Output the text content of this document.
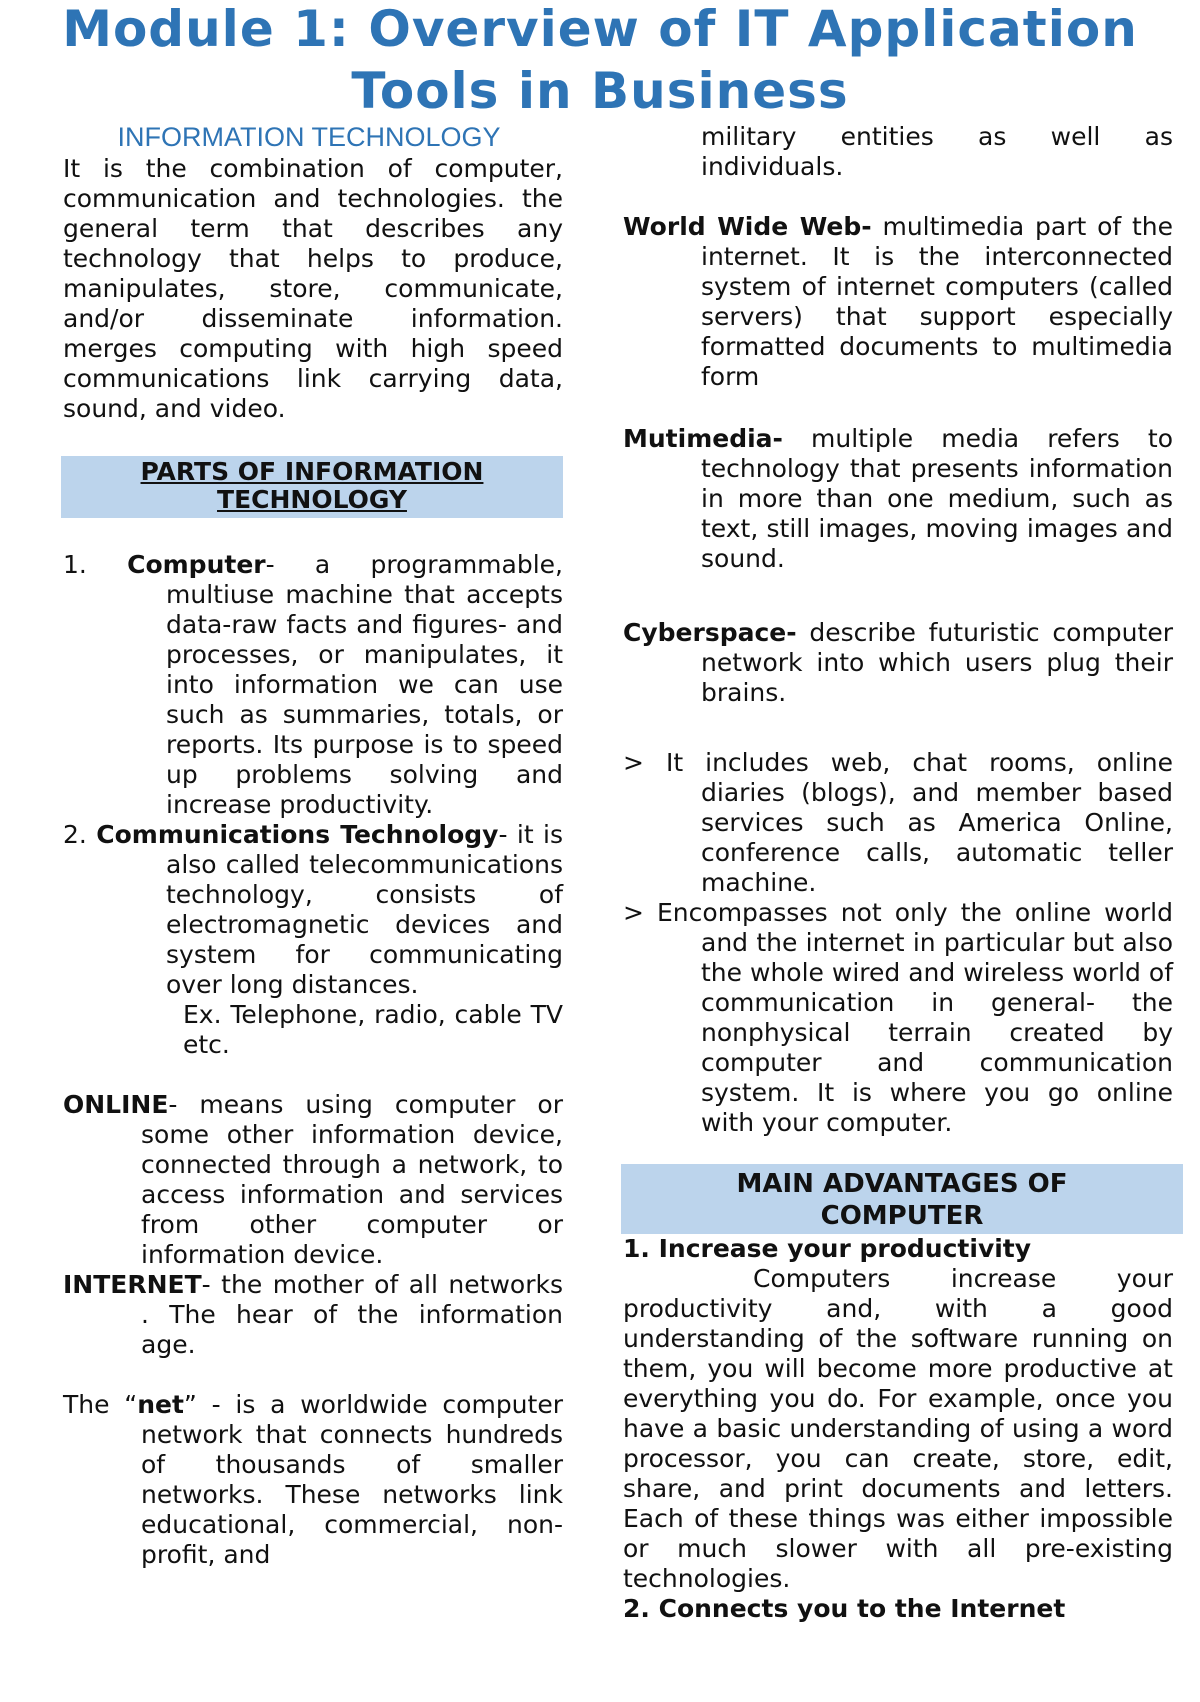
Module 1: Overview of IT Application
Tools in Business

INFORMATION TECHNOLOGY

It is the combination of computer, communication and technologies. the general term that describes any technology that helps to produce, manipulates, store, communicate, and/or disseminate information. merges computing with high speed communications link carrying data, sound, and video.

PARTS OF INFORMATION
TECHNOLOGY

1. Computer- a programmable, multiuse machine that accepts data-raw facts and figures- and processes, or manipulates, it into information we can use such as summaries, totals, or reports. Its purpose is to speed up problems solving and increase productivity.

2. Communications Technology- it is also called telecommunications technology, consists of electromagnetic devices and system for communicating over long distances.

Ex. Telephone, radio, cable TV etc.

ONLINE- means using computer or some other information device, connected through a network, to access information and services from other computer or information device.

INTERNET- the mother of all networks . The hear of the information age.

The “net” - is a worldwide computer network that connects hundreds of thousands of smaller networks. These networks link educational, commercial, non-profit, and

military entities as well as individuals.

World Wide Web- multimedia part of the internet. It is the interconnected system of internet computers (called servers) that support especially formatted documents to multimedia form

Mutimedia- multiple media refers to technology that presents information in more than one medium, such as text, still images, moving images and sound.

Cyberspace- describe futuristic computer network into which users plug their brains.

> It includes web, chat rooms, online diaries (blogs), and member based services such as America Online, conference calls, automatic teller machine.

> Encompasses not only the online world and the internet in particular but also the whole wired and wireless world of communication in general- the nonphysical terrain created by computer and communication system. It is where you go online with your computer.

MAIN ADVANTAGES OF
COMPUTER

1. Increase your productivity

Computers increase your productivity and, with a good understanding of the software running on them, you will become more productive at everything you do. For example, once you have a basic understanding of using a word processor, you can create, store, edit, share, and print documents and letters. Each of these things was either impossible or much slower with all pre-existing technologies.

2. Connects you to the Internet
